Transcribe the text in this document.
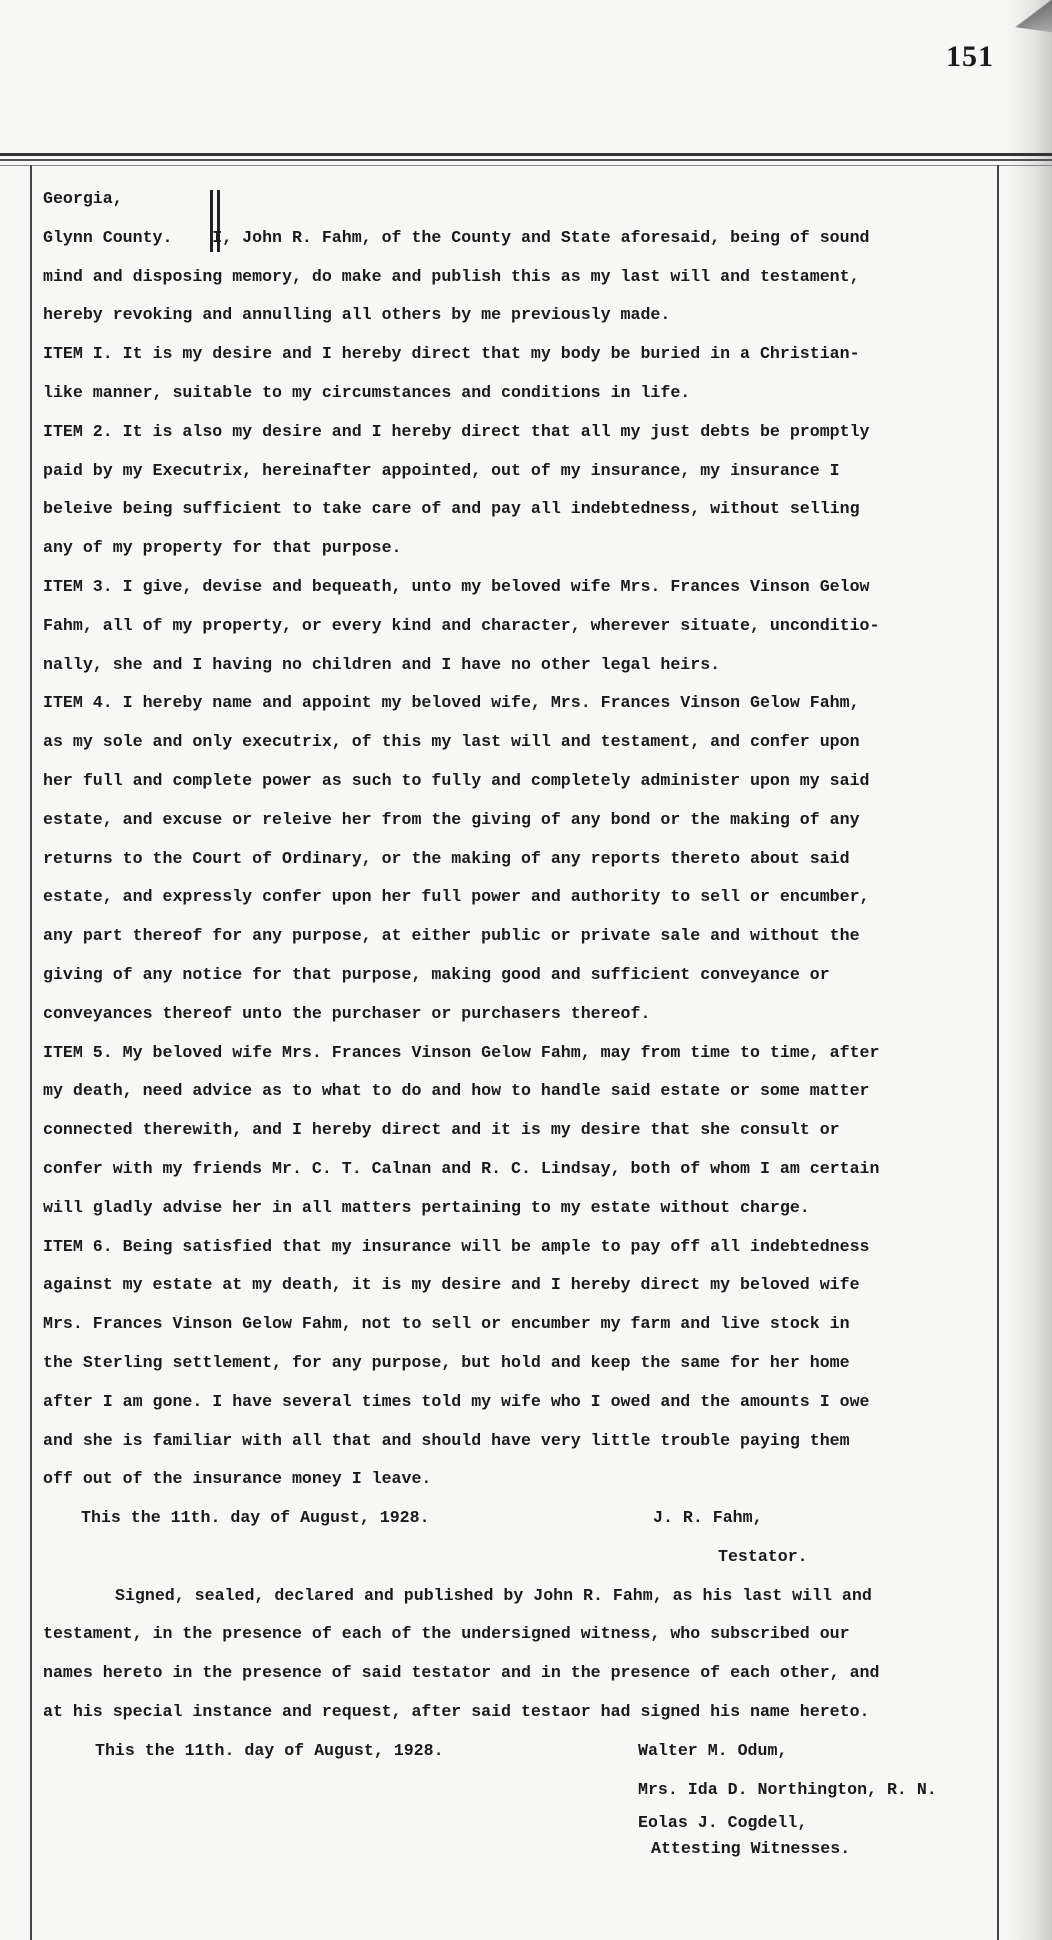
151
Georgia,
Glynn County. I, John R. Fahm, of the County and State aforesaid, being of sound
mind and disposing memory, do make and publish this as my last will and testament,
hereby revoking and annulling all others by me previously made.
ITEM I. It is my desire and I hereby direct that my body be buried in a Christian-
like manner, suitable to my circumstances and conditions in life.
ITEM 2. It is also my desire and I hereby direct that all my just debts be promptly
paid by my Executrix, hereinafter appointed, out of my insurance, my insurance I
beleive being sufficient to take care of and pay all indebtedness, without selling
any of my property for that purpose.
ITEM 3. I give, devise and bequeath, unto my beloved wife Mrs. Frances Vinson Gelow
Fahm, all of my property, or every kind and character, wherever situate, unconditio-
nally, she and I having no children and I have no other legal heirs.
ITEM 4. I hereby name and appoint my beloved wife, Mrs. Frances Vinson Gelow Fahm,
as my sole and only executrix, of this my last will and testament, and confer upon
her full and complete power as such to fully and completely administer upon my said
estate, and excuse or releive her from the giving of any bond or the making of any
returns to the Court of Ordinary, or the making of any reports thereto about said
estate, and expressly confer upon her full power and authority to sell or encumber,
any part thereof for any purpose, at either public or private sale and without the
giving of any notice for that purpose, making good and sufficient conveyance or
conveyances thereof unto the purchaser or purchasers thereof.
ITEM 5. My beloved wife Mrs. Frances Vinson Gelow Fahm, may from time to time, after
my death, need advice as to what to do and how to handle said estate or some matter
connected therewith, and I hereby direct and it is my desire that she consult or
confer with my friends Mr. C. T. Calnan and R. C. Lindsay, both of whom I am certain
will gladly advise her in all matters pertaining to my estate without charge.
ITEM 6. Being satisfied that my insurance will be ample to pay off all indebtedness
against my estate at my death, it is my desire and I hereby direct my beloved wife
Mrs. Frances Vinson Gelow Fahm, not to sell or encumber my farm and live stock in
the Sterling settlement, for any purpose, but hold and keep the same for her home
after I am gone. I have several times told my wife who I owed and the amounts I owe
and she is familiar with all that and should have very little trouble paying them
off out of the insurance money I leave.
This the 11th. day of August, 1928.	J. R. Fahm,
Testator.
Signed, sealed, declared and published by John R. Fahm, as his last will and
testament, in the presence of each of the undersigned witness, who subscribed our
names hereto in the presence of said testator and in the presence of each other, and
at his special instance and request, after said testaor had signed his name hereto.
This the 11th. day of August, 1928.	Walter M. Odum,
Mrs. Ida D. Northington, R. N.
Eolas J. Cogdell,
Attesting Witnesses.
